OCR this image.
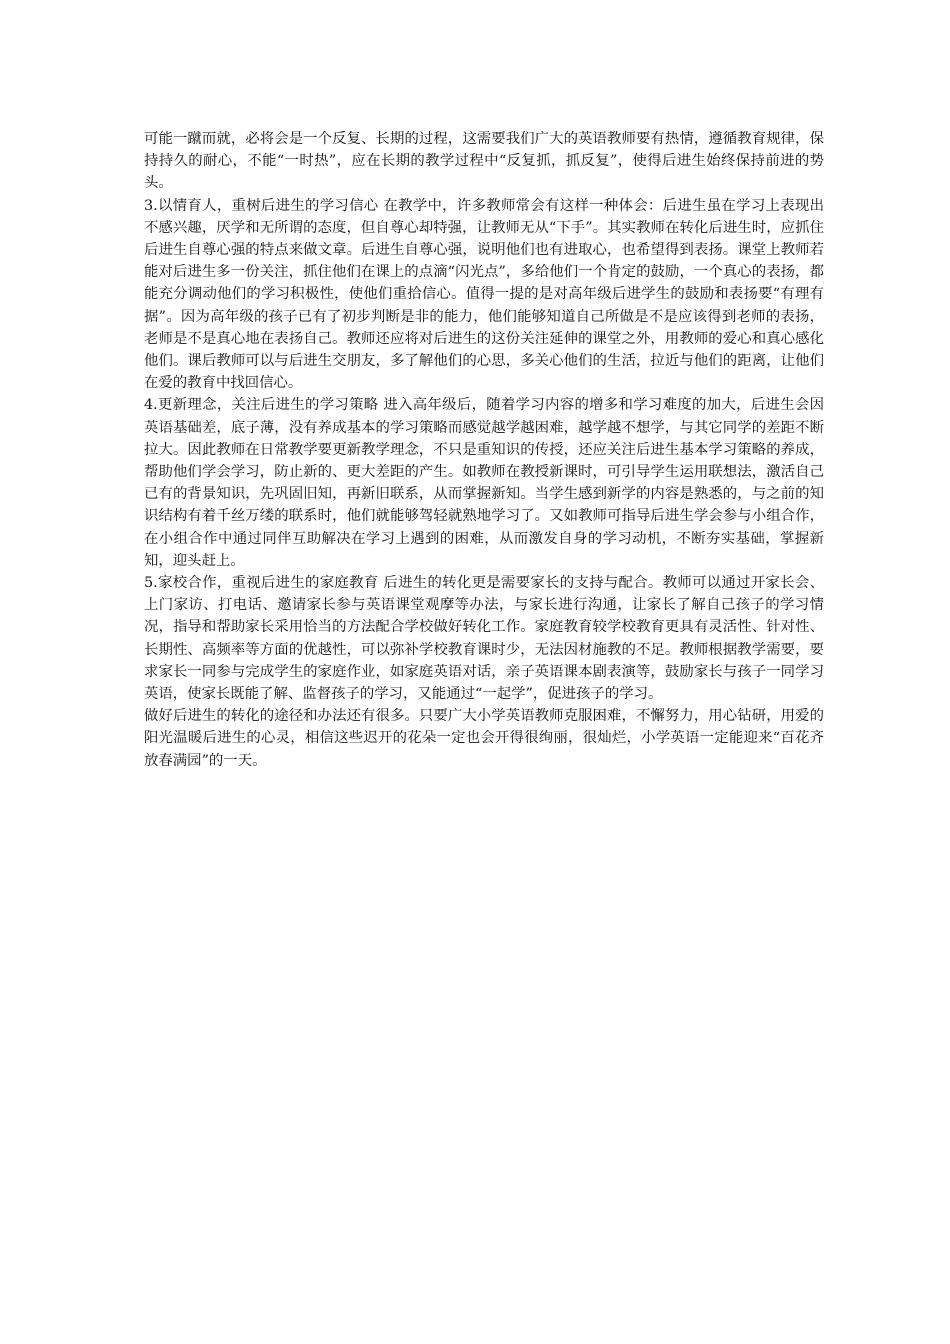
可能一蹴而就，必将会是一个反复、长期的过程，这需要我们广大的英语教师要有热情，遵循教育规律，保持持久的耐心，不能“一时热”，应在长期的教学过程中“反复抓，抓反复”，使得后进生始终保持前进的势头。

3.以情育人，重树后进生的学习信心 在教学中，许多教师常会有这样一种体会：后进生虽在学习上表现出不感兴趣，厌学和无所谓的态度，但自尊心却特强，让教师无从“下手”。其实教师在转化后进生时，应抓住后进生自尊心强的特点来做文章。后进生自尊心强，说明他们也有进取心，也希望得到表扬。课堂上教师若能对后进生多一份关注，抓住他们在课上的点滴“闪光点”，多给他们一个肯定的鼓励，一个真心的表扬，都能充分调动他们的学习积极性，使他们重拾信心。值得一提的是对高年级后进学生的鼓励和表扬要“有理有据”。因为高年级的孩子已有了初步判断是非的能力，他们能够知道自己所做是不是应该得到老师的表扬，老师是不是真心地在表扬自己。教师还应将对后进生的这份关注延伸的课堂之外，用教师的爱心和真心感化他们。课后教师可以与后进生交朋友，多了解他们的心思，多关心他们的生活，拉近与他们的距离，让他们在爱的教育中找回信心。

4.更新理念，关注后进生的学习策略 进入高年级后，随着学习内容的增多和学习难度的加大，后进生会因英语基础差，底子薄，没有养成基本的学习策略而感觉越学越困难，越学越不想学，与其它同学的差距不断拉大。因此教师在日常教学要更新教学理念，不只是重知识的传授，还应关注后进生基本学习策略的养成，帮助他们学会学习，防止新的、更大差距的产生。如教师在教授新课时，可引导学生运用联想法，激活自己已有的背景知识，先巩固旧知，再新旧联系，从而掌握新知。当学生感到新学的内容是熟悉的，与之前的知识结构有着千丝万缕的联系时，他们就能够驾轻就熟地学习了。又如教师可指导后进生学会参与小组合作，在小组合作中通过同伴互助解决在学习上遇到的困难，从而激发自身的学习动机，不断夯实基础，掌握新知，迎头赶上。

5.家校合作，重视后进生的家庭教育 后进生的转化更是需要家长的支持与配合。教师可以通过开家长会、上门家访、打电话、邀请家长参与英语课堂观摩等办法，与家长进行沟通，让家长了解自己孩子的学习情况，指导和帮助家长采用恰当的方法配合学校做好转化工作。家庭教育较学校教育更具有灵活性、针对性、长期性、高频率等方面的优越性，可以弥补学校教育课时少，无法因材施教的不足。教师根据教学需要，要求家长一同参与完成学生的家庭作业，如家庭英语对话，亲子英语课本剧表演等，鼓励家长与孩子一同学习英语，使家长既能了解、监督孩子的学习，又能通过“一起学”，促进孩子的学习。

做好后进生的转化的途径和办法还有很多。只要广大小学英语教师克服困难，不懈努力，用心钻研，用爱的阳光温暖后进生的心灵，相信这些迟开的花朵一定也会开得很绚丽，很灿烂，小学英语一定能迎来“百花齐放春满园”的一天。
